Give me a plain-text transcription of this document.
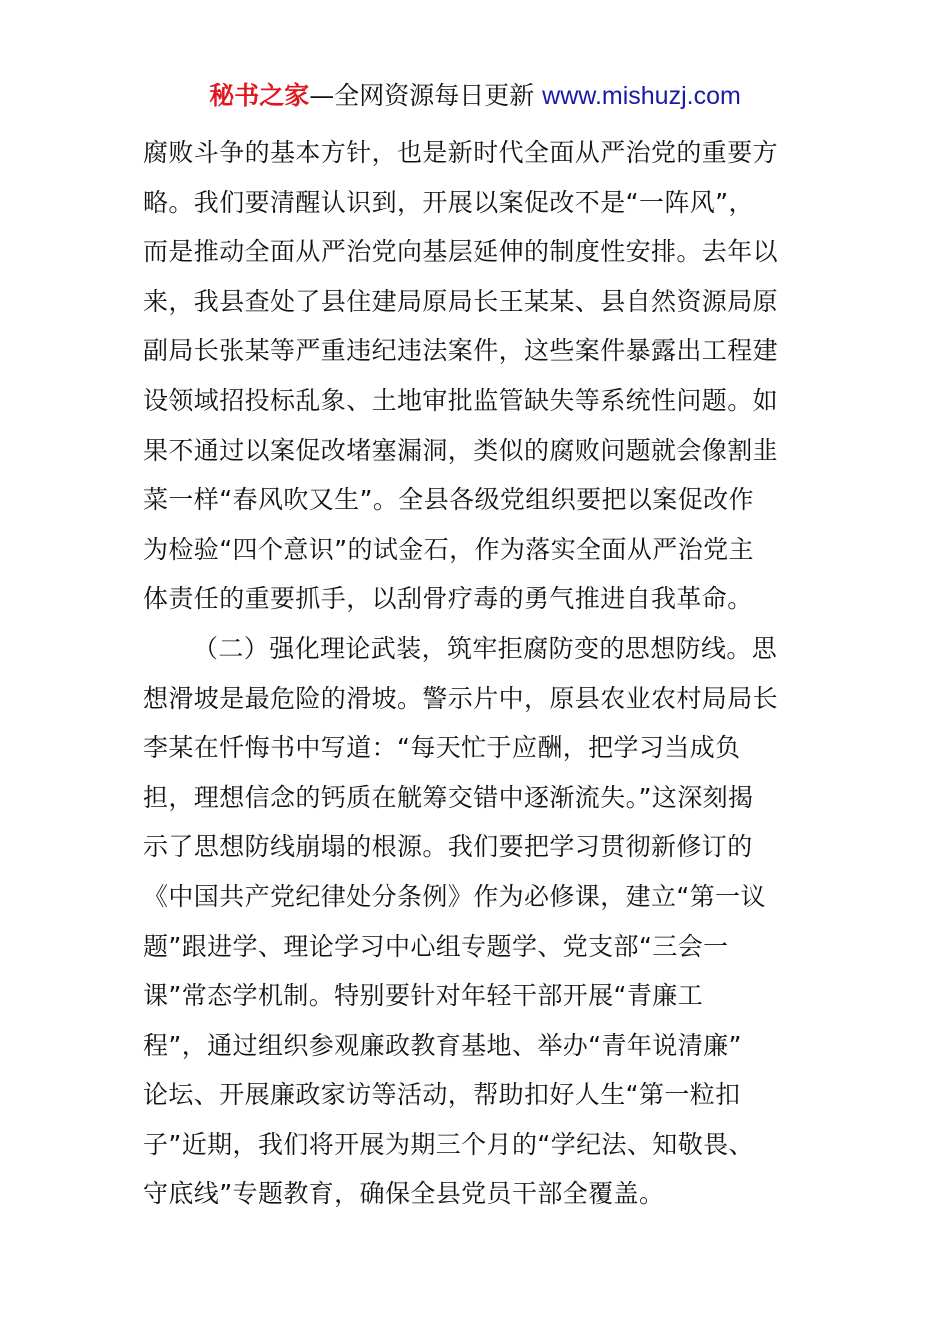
秘书之家—全网资源每日更新 www.mishuzj.com
腐败斗争的基本方针，也是新时代全面从严治党的重要方
略。我们要清醒认识到，开展以案促改不是“一阵风”，
而是推动全面从严治党向基层延伸的制度性安排。去年以
来，我县查处了县住建局原局长王某某、县自然资源局原
副局长张某等严重违纪违法案件，这些案件暴露出工程建
设领域招投标乱象、土地审批监管缺失等系统性问题。如
果不通过以案促改堵塞漏洞，类似的腐败问题就会像割韭
菜一样“春风吹又生”。全县各级党组织要把以案促改作
为检验“四个意识”的试金石，作为落实全面从严治党主
体责任的重要抓手，以刮骨疗毒的勇气推进自我革命。
（二）强化理论武装，筑牢拒腐防变的思想防线。思
想滑坡是最危险的滑坡。警示片中，原县农业农村局局长
李某在忏悔书中写道：“每天忙于应酬，把学习当成负
担，理想信念的钙质在觥筹交错中逐渐流失。”这深刻揭
示了思想防线崩塌的根源。我们要把学习贯彻新修订的
《中国共产党纪律处分条例》作为必修课，建立“第一议
题”跟进学、理论学习中心组专题学、党支部“三会一
课”常态学机制。特别要针对年轻干部开展“青廉工
程”，通过组织参观廉政教育基地、举办“青年说清廉”
论坛、开展廉政家访等活动，帮助扣好人生“第一粒扣
子”近期，我们将开展为期三个月的“学纪法、知敬畏、
守底线”专题教育，确保全县党员干部全覆盖。
